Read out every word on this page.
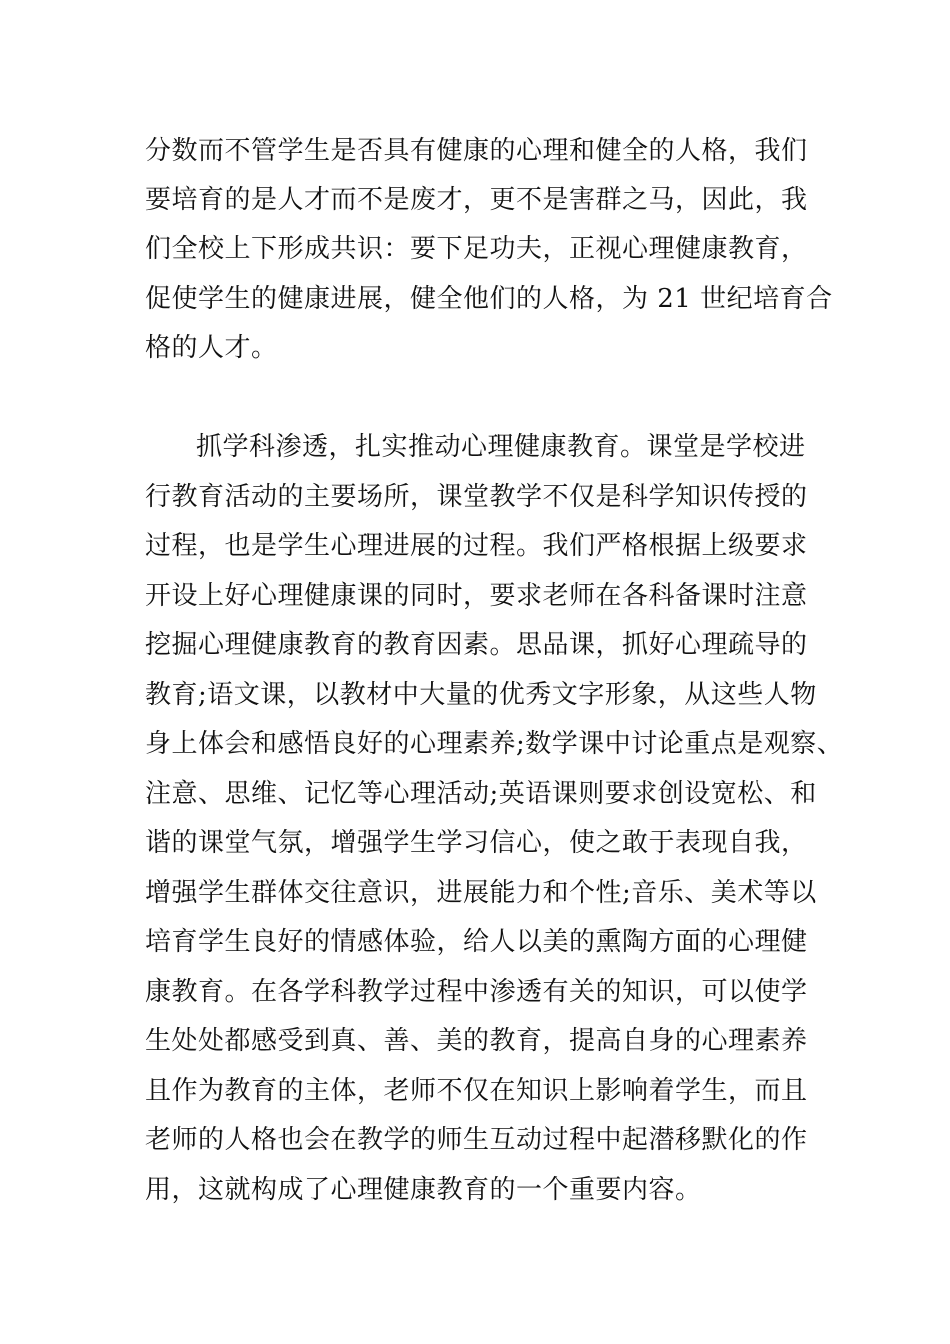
分数而不管学生是否具有健康的心理和健全的人格，我们
要培育的是人才而不是废才，更不是害群之马，因此，我
们全校上下形成共识：要下足功夫，正视心理健康教育，
促使学生的健康进展，健全他们的人格，为 21 世纪培育合
格的人才。
抓学科渗透，扎实推动心理健康教育。课堂是学校进
行教育活动的主要场所，课堂教学不仅是科学知识传授的
过程，也是学生心理进展的过程。我们严格根据上级要求
开设上好心理健康课的同时，要求老师在各科备课时注意
挖掘心理健康教育的教育因素。思品课，抓好心理疏导的
教育;语文课，以教材中大量的优秀文字形象，从这些人物
身上体会和感悟良好的心理素养;数学课中讨论重点是观察、
注意、思维、记忆等心理活动;英语课则要求创设宽松、和
谐的课堂气氛，增强学生学习信心，使之敢于表现自我，
增强学生群体交往意识，进展能力和个性;音乐、美术等以
培育学生良好的情感体验，给人以美的熏陶方面的心理健
康教育。在各学科教学过程中渗透有关的知识，可以使学
生处处都感受到真、善、美的教育，提高自身的心理素养
且作为教育的主体，老师不仅在知识上影响着学生，而且
老师的人格也会在教学的师生互动过程中起潜移默化的作
用，这就构成了心理健康教育的一个重要内容。
